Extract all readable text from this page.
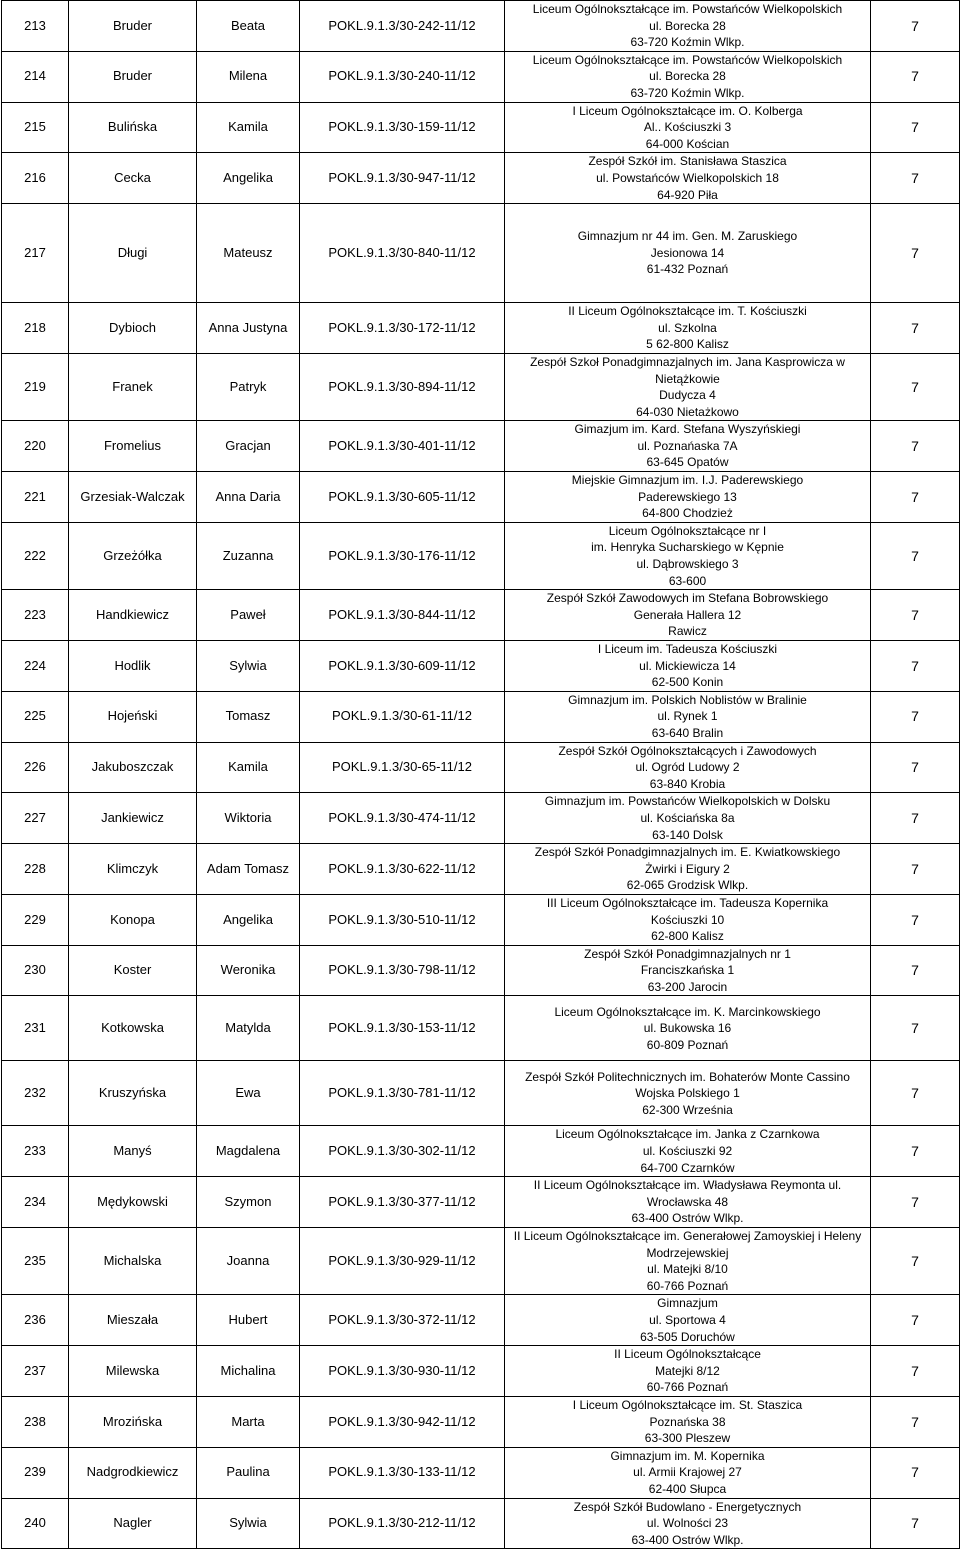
213	Bruder	Beata	POKL.9.1.3/30-242-11/12	Liceum Ogólnokształcące im. Powstańców Wielkopolskich
ul. Borecka 28
63-720 Koźmin Wlkp.	7
214	Bruder	Milena	POKL.9.1.3/30-240-11/12	Liceum Ogólnokształcące im. Powstańców Wielkopolskich
ul. Borecka 28
63-720 Koźmin Wlkp.	7
215	Bulińska	Kamila	POKL.9.1.3/30-159-11/12	I Liceum Ogólnokształcące im. O. Kolberga
Al.. Kościuszki 3
64-000 Kościan	7
216	Cecka	Angelika	POKL.9.1.3/30-947-11/12	Zespół Szkół im. Stanisława Staszica
ul. Powstańców Wielkopolskich 18
64-920 Piła	7
217	Długi	Mateusz	POKL.9.1.3/30-840-11/12	Gimnazjum nr 44 im. Gen. M. Zaruskiego
Jesionowa 14
61-432 Poznań	7
218	Dybioch	Anna Justyna	POKL.9.1.3/30-172-11/12	II Liceum Ogólnokształcące im. T. Kościuszki
ul. Szkolna
5 62-800 Kalisz	7
219	Franek	Patryk	POKL.9.1.3/30-894-11/12	Zespół Szkoł Ponadgimnazjalnych im. Jana Kasprowicza w
Nietążkowie
Dudycza 4
64-030 Nietażkowo	7
220	Fromelius	Gracjan	POKL.9.1.3/30-401-11/12	Gimazjum im. Kard. Stefana Wyszyńskiegi
ul. Poznańaska 7A
63-645 Opatów	7
221	Grzesiak-Walczak	Anna Daria	POKL.9.1.3/30-605-11/12	Miejskie Gimnazjum im. I.J. Paderewskiego
Paderewskiego 13
64-800 Chodzież	7
222	Grzeżółka	Zuzanna	POKL.9.1.3/30-176-11/12	Liceum Ogólnokształcące nr I
im. Henryka Sucharskiego w Kępnie
ul. Dąbrowskiego 3
63-600	7
223	Handkiewicz	Paweł	POKL.9.1.3/30-844-11/12	Zespół Szkół Zawodowych im Stefana Bobrowskiego
Generała Hallera 12
Rawicz	7
224	Hodlik	Sylwia	POKL.9.1.3/30-609-11/12	I Liceum im. Tadeusza Kościuszki
ul. Mickiewicza 14
62-500 Konin	7
225	Hojeński	Tomasz	POKL.9.1.3/30-61-11/12	Gimnazjum im. Polskich Noblistów w Bralinie
ul. Rynek 1
63-640 Bralin	7
226	Jakuboszczak	Kamila	POKL.9.1.3/30-65-11/12	Zespół Szkół Ogólnokształcących i Zawodowych
ul. Ogród Ludowy 2
63-840 Krobia	7
227	Jankiewicz	Wiktoria	POKL.9.1.3/30-474-11/12	Gimnazjum im. Powstańców Wielkopolskich w Dolsku
ul. Kościańska 8a
63-140 Dolsk	7
228	Klimczyk	Adam Tomasz	POKL.9.1.3/30-622-11/12	Zespół Szkół Ponadgimnazjalnych im. E. Kwiatkowskiego
Żwirki i Eigury 2
62-065 Grodzisk Wlkp.	7
229	Konopa	Angelika	POKL.9.1.3/30-510-11/12	III Liceum Ogólnokształcące im. Tadeusza Kopernika
Kościuszki 10
62-800 Kalisz	7
230	Koster	Weronika	POKL.9.1.3/30-798-11/12	Zespół Szkół Ponadgimnazjalnych nr 1
Franciszkańska 1
63-200 Jarocin	7
231	Kotkowska	Matylda	POKL.9.1.3/30-153-11/12	Liceum Ogólnokształcące im. K. Marcinkowskiego
ul. Bukowska 16
60-809 Poznań	7
232	Kruszyńska	Ewa	POKL.9.1.3/30-781-11/12	Zespół Szkół Politechnicznych im. Bohaterów Monte Cassino
Wojska Polskiego 1
62-300 Września	7
233	Manyś	Magdalena	POKL.9.1.3/30-302-11/12	Liceum Ogólnokształcące im. Janka z Czarnkowa
ul. Kościuszki 92
64-700 Czarnków	7
234	Mędykowski	Szymon	POKL.9.1.3/30-377-11/12	II Liceum Ogólnokształcące im. Władysława Reymonta ul.
Wrocławska 48
63-400 Ostrów Wlkp.	7
235	Michalska	Joanna	POKL.9.1.3/30-929-11/12	II Liceum Ogólnokształcące im. Generałowej Zamoyskiej i Heleny
Modrzejewskiej
ul. Matejki 8/10
60-766 Poznań	7
236	Mieszała	Hubert	POKL.9.1.3/30-372-11/12	Gimnazjum
ul. Sportowa 4
63-505 Doruchów	7
237	Milewska	Michalina	POKL.9.1.3/30-930-11/12	II Liceum Ogólnokształcące
Matejki 8/12
60-766 Poznań	7
238	Mrozińska	Marta	POKL.9.1.3/30-942-11/12	I Liceum Ogólnokształcące im. St. Staszica
Poznańska 38
63-300 Pleszew	7
239	Nadgrodkiewicz	Paulina	POKL.9.1.3/30-133-11/12	Gimnazjum im. M. Kopernika
ul. Armii Krajowej 27
62-400 Słupca	7
240	Nagler	Sylwia	POKL.9.1.3/30-212-11/12	Zespół Szkół Budowlano - Energetycznych
ul. Wolności 23
63-400 Ostrów Wlkp.	7
